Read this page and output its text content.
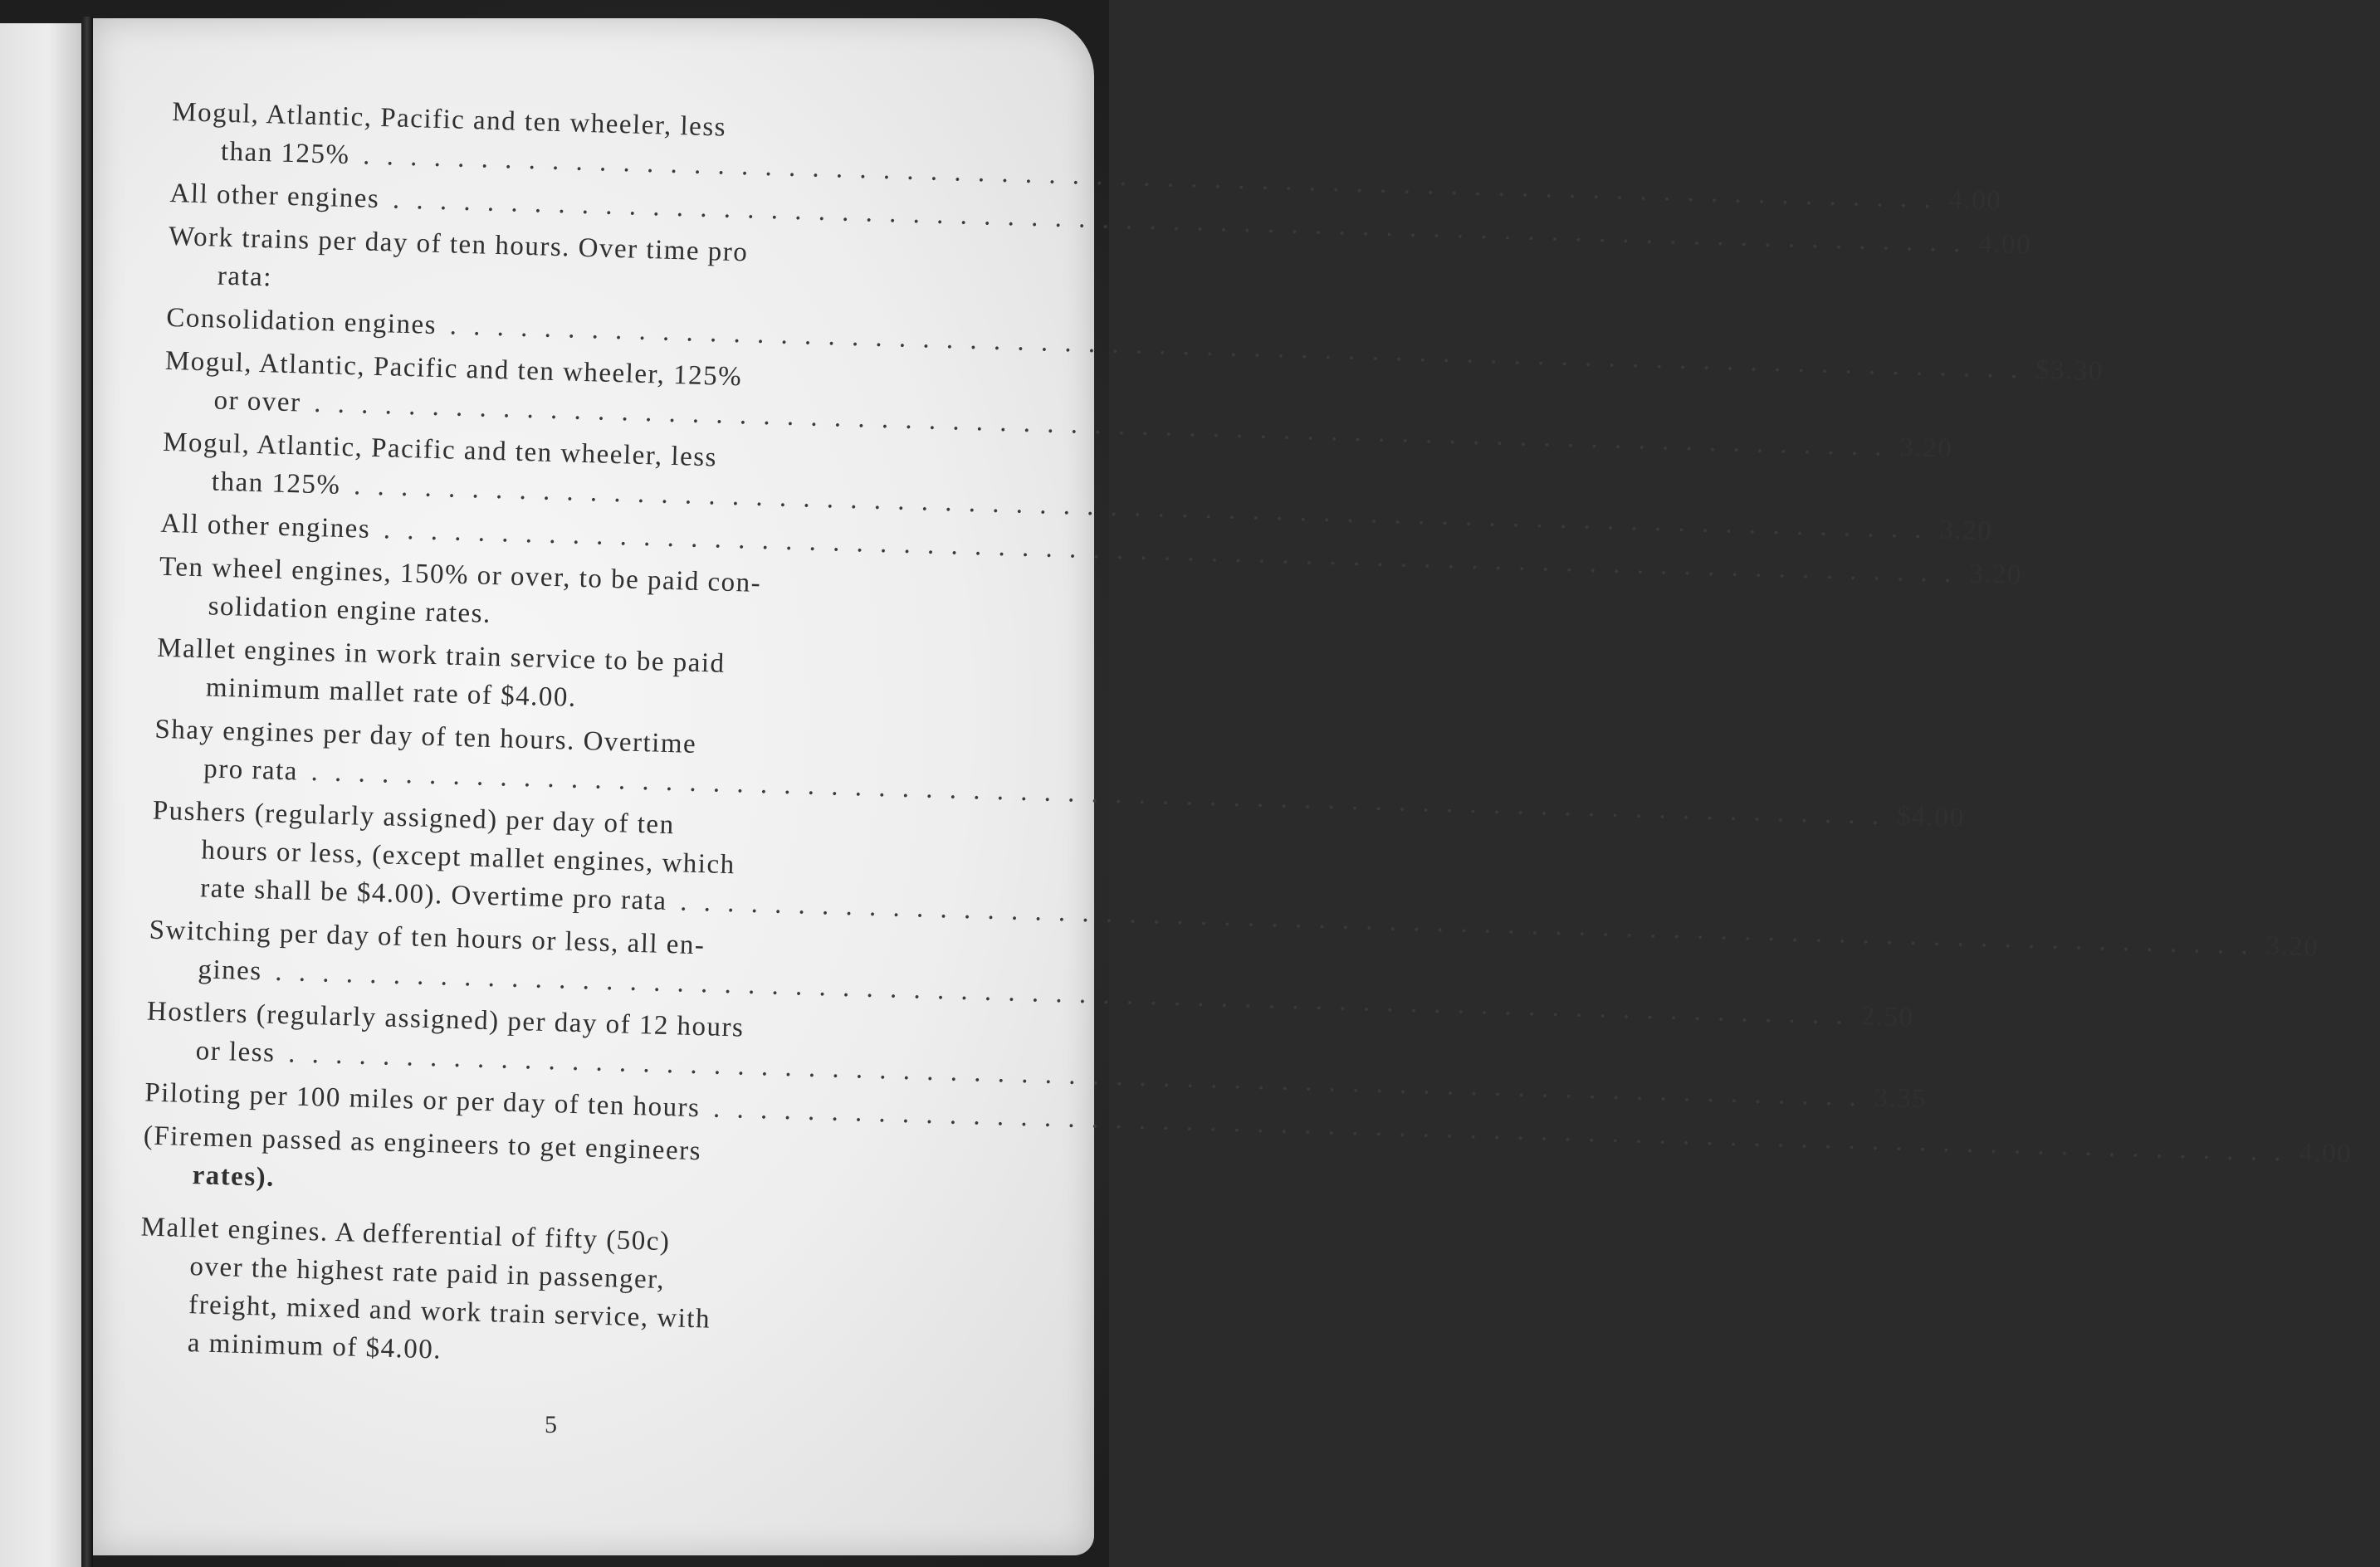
Mogul, Atlantic, Pacific and ten wheeler, less
than 125% . . . 4.00
All other engines . . . 4.00
Work trains per day of ten hours. Over time pro
rata:
Consolidation engines . . . $3.30
Mogul, Atlantic, Pacific and ten wheeler, 125%
or over . . . 3.20
Mogul, Atlantic, Pacific and ten wheeler, less
than 125% . . . 3.20
All other engines . . . 3.20
Ten wheel engines, 150% or over, to be paid con-
solidation engine rates.
Mallet engines in work train service to be paid
minimum mallet rate of $4.00.
Shay engines per day of ten hours. Overtime
pro rata . . . $4.00
Pushers (regularly assigned) per day of ten
hours or less, (except mallet engines, which
rate shall be $4.00). Overtime pro rata . . . 3.20
Switching per day of ten hours or less, all en-
gines . . . 2.50
Hostlers (regularly assigned) per day of 12 hours
or less . . . 3.35
Piloting per 100 miles or per day of ten hours . . . 4.00
(Firemen passed as engineers to get engineers
rates).
Mallet engines. A defferential of fifty (50c)
over the highest rate paid in passenger,
freight, mixed and work train service, with
a minimum of $4.00.
5
